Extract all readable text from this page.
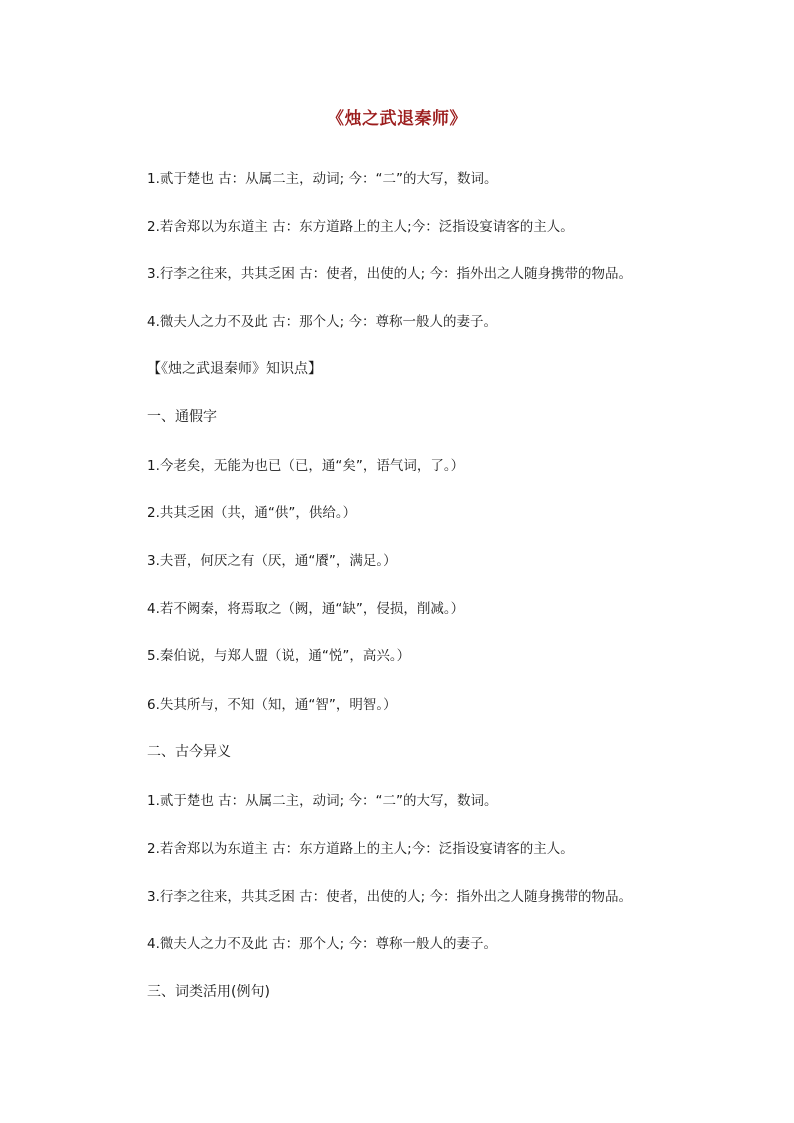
《烛之武退秦师》
1.贰于楚也 古：从属二主，动词; 今：“二”的大写，数词。
2.若舍郑以为东道主 古：东方道路上的主人;今：泛指设宴请客的主人。
3.行李之往来，共其乏困 古：使者，出使的人; 今：指外出之人随身携带的物品。
4.微夫人之力不及此 古：那个人; 今：尊称一般人的妻子。
【《烛之武退秦师》知识点】
一、通假字
1.今老矣，无能为也已（已，通“矣”，语气词，了。）
2.共其乏困（共，通“供”，供给。）
3.夫晋，何厌之有（厌，通“餍”，满足。）
4.若不阙秦，将焉取之（阙，通“缺”，侵损，削减。）
5.秦伯说，与郑人盟（说，通“悦”，高兴。）
6.失其所与，不知（知，通“智”，明智。）
二、古今异义
1.贰于楚也 古：从属二主，动词; 今：“二”的大写，数词。
2.若舍郑以为东道主 古：东方道路上的主人;今：泛指设宴请客的主人。
3.行李之往来，共其乏困 古：使者，出使的人; 今：指外出之人随身携带的物品。
4.微夫人之力不及此 古：那个人; 今：尊称一般人的妻子。
三、词类活用(例句)
